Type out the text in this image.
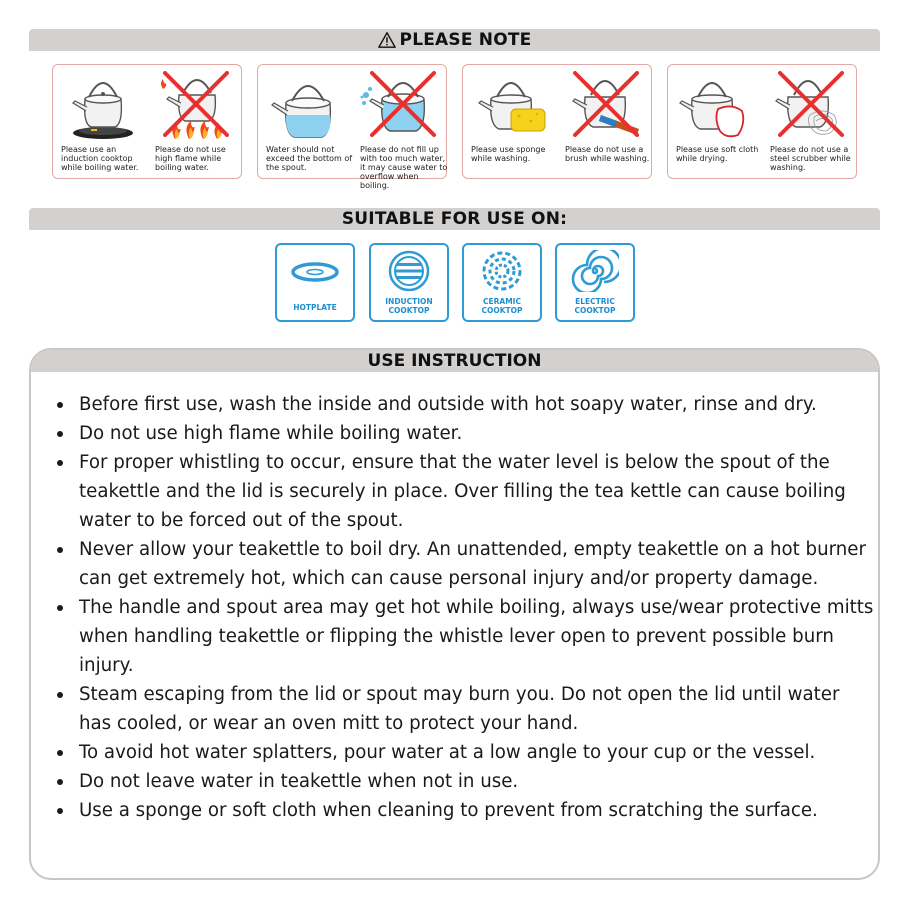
PLEASE NOTE
Please use an induction cooktop while boiling water.
Please do not use high flame while boiling water.
Water should not exceed the bottom of the spout.
Please do not fill up with too much water, it may cause water to overflow when boiling.
Please use sponge while washing.
Please do not use a brush while washing.
Please use soft cloth while drying.
Please do not use a steel scrubber while washing.
SUITABLE FOR USE ON:
HOTPLATE
INDUCTION COOKTOP
CERAMIC COOKTOP
ELECTRIC COOKTOP
USE INSTRUCTION
Before first use, wash the inside and outside with hot soapy water, rinse and dry.
Do not use high flame while boiling water.
For proper whistling to occur, ensure that the water level is below the spout of the teakettle and the lid is securely in place. Over filling the tea kettle can cause boiling water to be forced out of the spout.
Never allow your teakettle to boil dry. An unattended, empty teakettle on a hot burner can get extremely hot, which can cause personal injury and/or property damage.
The handle and spout area may get hot while boiling, always use/wear protective mitts when handling teakettle or flipping the whistle lever open to prevent possible burn injury.
Steam escaping from the lid or spout may burn you. Do not open the lid until water has cooled, or wear an oven mitt to protect your hand.
To avoid hot water splatters, pour water at a low angle to your cup or the vessel.
Do not leave water in teakettle when not in use.
Use a sponge or soft cloth when cleaning to prevent from scratching the surface.
